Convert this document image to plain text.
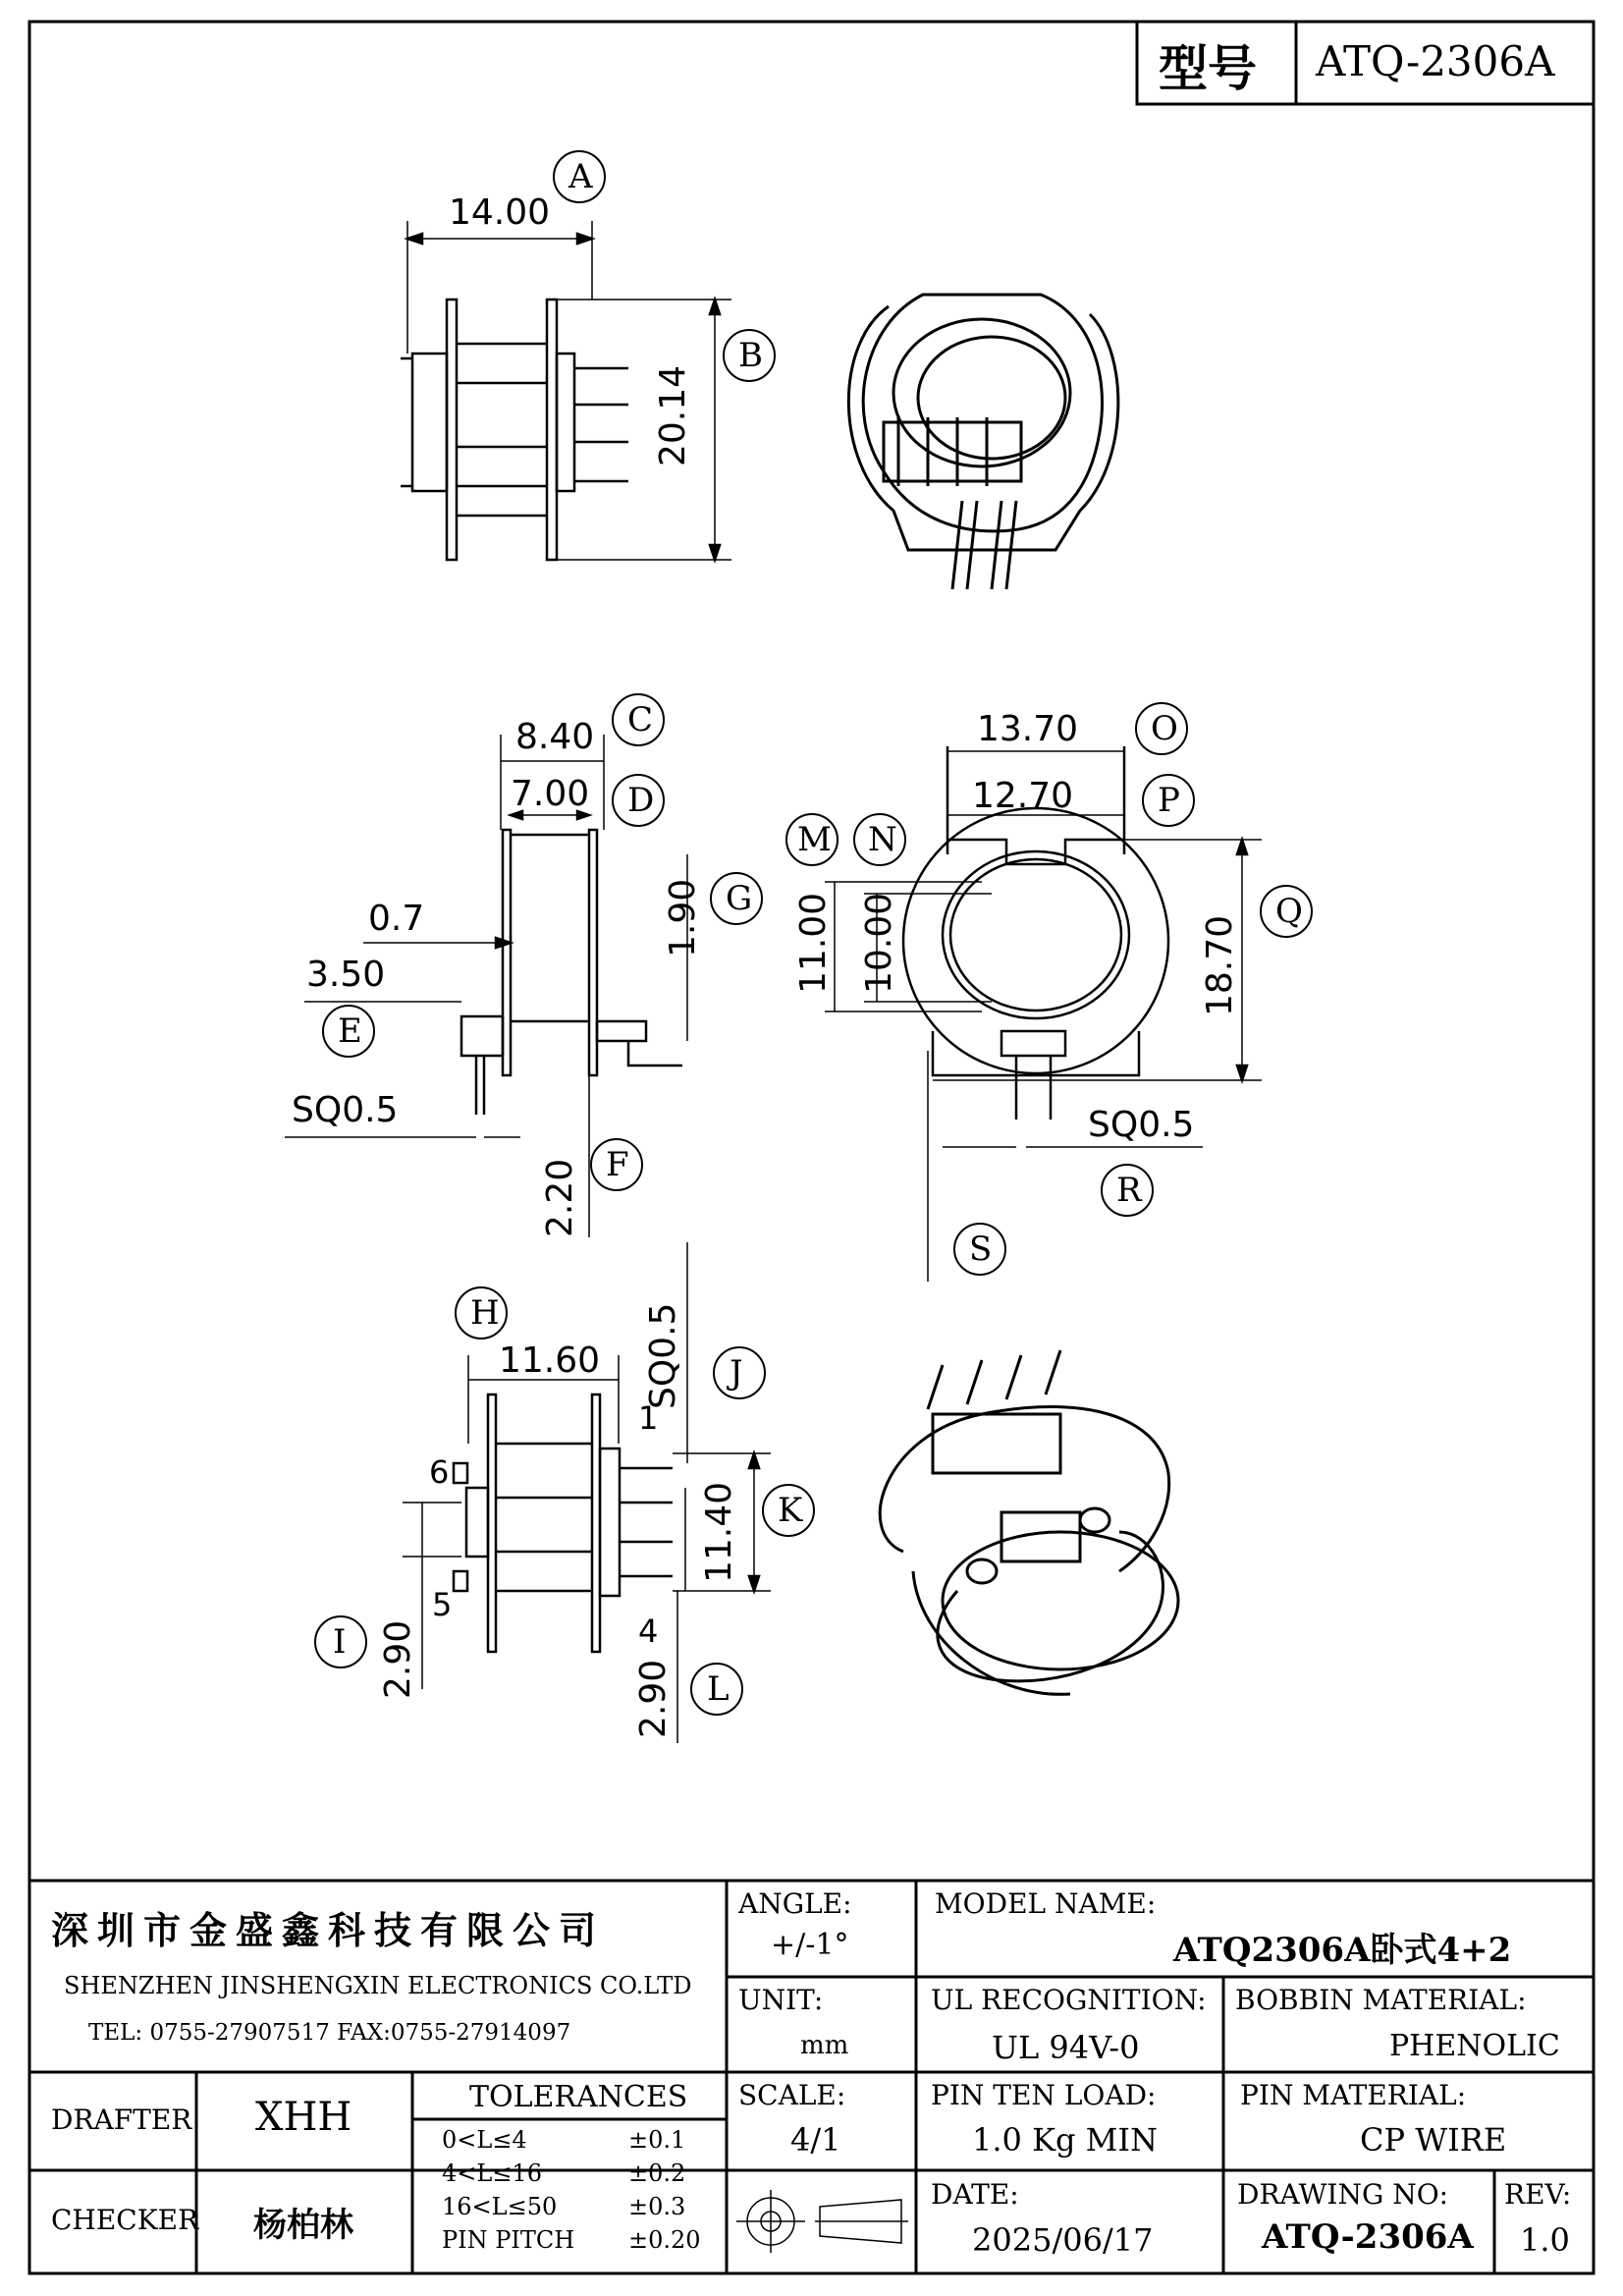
型号 ATQ-2306A
14.00
20.14
8.40
7.00
1.90
0.7
3.50
SQ0.5
2.20
13.70
12.70
11.00 10.00	18.70
SQ0.5
11.60 SQ0.5
11.40
2.90	2.90
1
4
5
6
A
B
C
D
E
F
G
M N
O
P
Q
R
S
H
J
K
I
L
深圳市金盛鑫科技有限公司
SHENZHEN JINSHENGXIN ELECTRONICS CO.LTD
TEL: 0755-27907517 FAX:0755-27914097
ANGLE:
+/-1°
UNIT:
mm
MODEL NAME:
ATQ2306A卧式4+2
UL RECOGNITION:
UL 94V-0
BOBBIN MATERIAL:
PHENOLIC
DRAFTER XHH
CHECKER 杨柏林
TOLERANCES
0<L≤4	±0.1
4<L≤16	±0.2
16<L≤50	±0.3
PIN PITCH ±0.20
SCALE:
4/1
PIN TEN LOAD:
1.0 Kg MIN
PIN MATERIAL:
CP WIRE
DATE:
2025/06/17
DRAWING NO:
ATQ-2306A
REV:
1.0
